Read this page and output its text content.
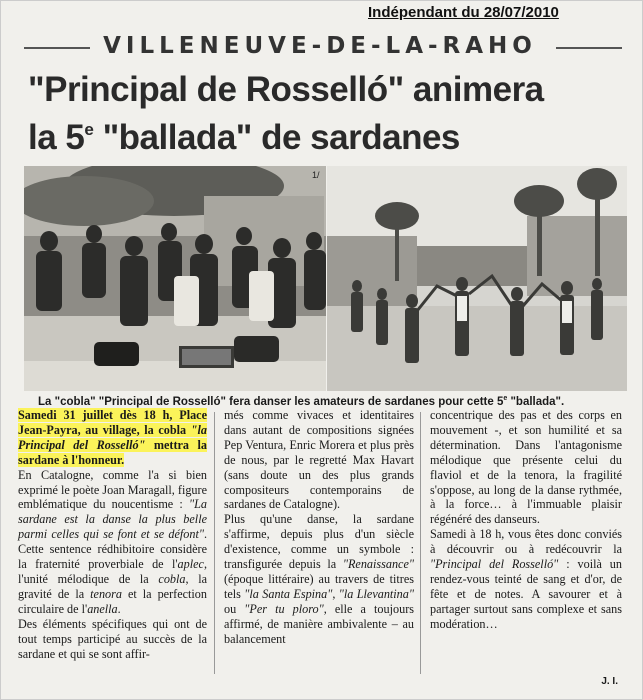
Indépendant du 28/07/2010
VILLENEUVE-DE-LA-RAHO
"Principal de Rosselló" animera
la 5e "ballada" de sardanes
1/
La "cobla" "Principal de Rosselló" fera danser les amateurs de sardanes pour cette 5e "ballada".

Samedi 31 juillet dès 18 h, Place Jean-Payra, au village, la cobla "la Principal del Rosselló" mettra la sardane à l'honneur.

En Catalogne, comme l'a si bien exprimé le poète Joan Maragall, figure emblématique du noucentisme : "La sardane est la danse la plus belle parmi celles qui se font et se défont". Cette sentence rédhibitoire considère la fraternité proverbiale de l'aplec, l'unité mélodique de la cobla, la gravité de la tenora et la perfection circulaire de l'anella.

Des éléments spécifiques qui ont de tout temps participé au succès de la sardane et qui se sont affir-

més comme vivaces et identitaires dans autant de compositions signées Pep Ventura, Enric Morera et plus près de nous, par le regretté Max Havart (sans doute un des plus grands compositeurs contemporains de sardanes de Catalogne).

Plus qu'une danse, la sardane s'affirme, depuis plus d'un siècle d'existence, comme un symbole : transfigurée depuis la "Renaissance" (époque littéraire) au travers de titres tels "la Santa Espina", "la Llevantina" ou "Per tu ploro", elle a toujours affirmé, de manière ambivalente – au balancement

concentrique des pas et des corps en mouvement -, et son humilité et sa détermination. Dans l'antagonisme mélodique que présente celui du flaviol et de la tenora, la fragilité s'oppose, au long de la danse rythmée, à la force… à l'immuable plaisir régénéré des danseurs.

Samedi à 18 h, vous êtes donc conviés à découvrir ou à redécouvrir la "Principal del Rosselló" : voilà un rendez-vous teinté de sang et d'or, de fête et de notes. A savourer et à partager surtout sans complexe et sans modération…

J. I.
